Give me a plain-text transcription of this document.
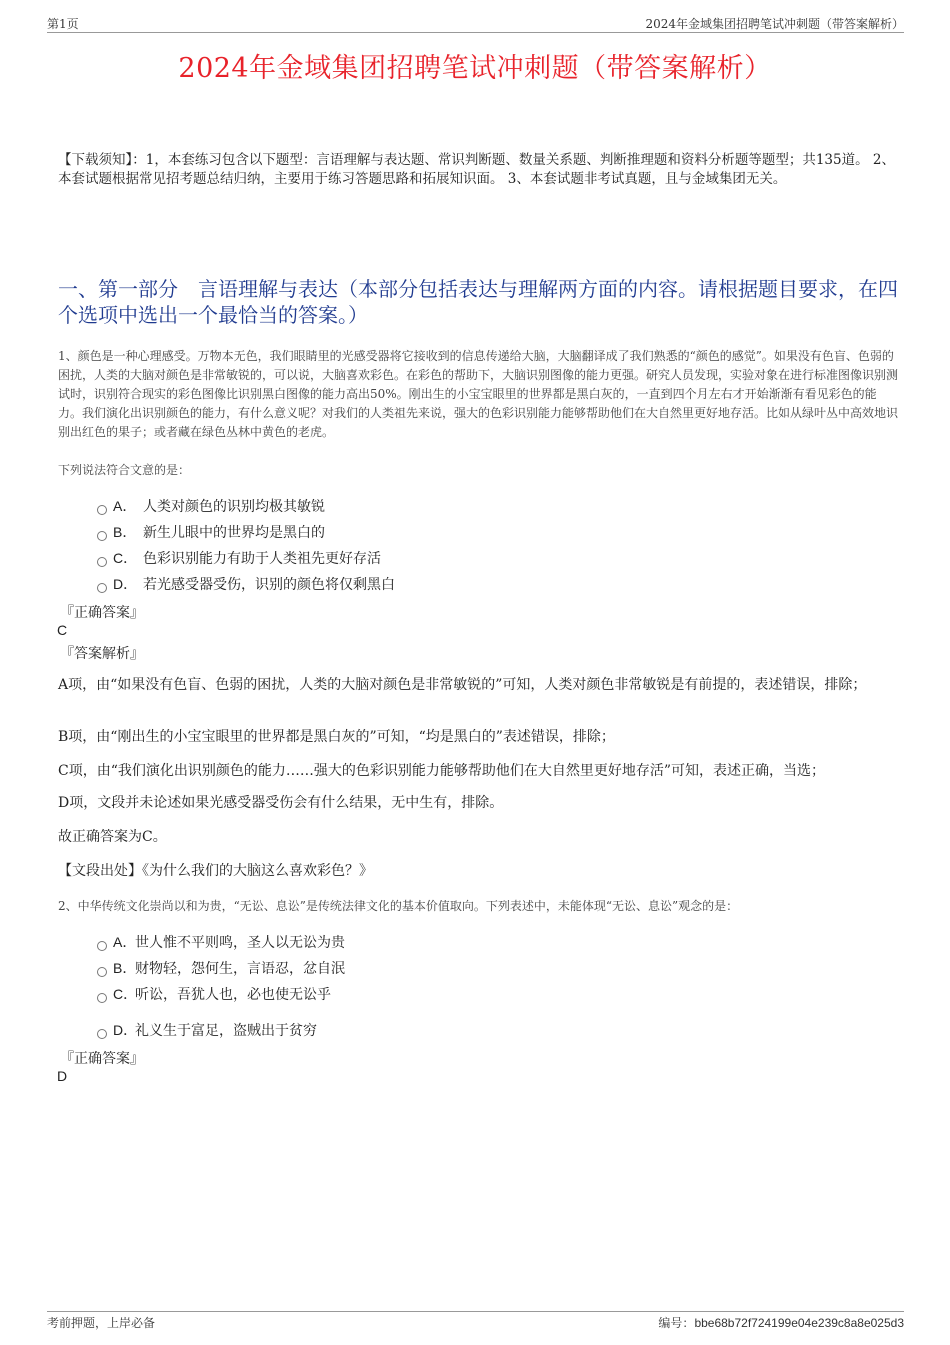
第1页	2024年金域集团招聘笔试冲刺题（带答案解析）
2024年金域集团招聘笔试冲刺题（带答案解析）
【下载须知】：1，本套练习包含以下题型：言语理解与表达题、常识判断题、数量关系题、判断推理题和资料分析题等题型；共135道。 2、本套试题根据常见招考题总结归纳，主要用于练习答题思路和拓展知识面。 3、本套试题非考试真题，且与金域集团无关。
一、第一部分　言语理解与表达（本部分包括表达与理解两方面的内容。请根据题目要求，在四个选项中选出一个最恰当的答案。）
1、颜色是一种心理感受。万物本无色，我们眼睛里的光感受器将它接收到的信息传递给大脑，大脑翻译成了我们熟悉的“颜色的感觉”。如果没有色盲、色弱的困扰，人类的大脑对颜色是非常敏锐的，可以说，大脑喜欢彩色。在彩色的帮助下，大脑识别图像的能力更强。研究人员发现，实验对象在进行标准图像识别测试时，识别符合现实的彩色图像比识别黑白图像的能力高出50%。刚出生的小宝宝眼里的世界都是黑白灰的，一直到四个月左右才开始渐渐有看见彩色的能力。我们演化出识别颜色的能力，有什么意义呢？对我们的人类祖先来说，强大的色彩识别能力能够帮助他们在大自然里更好地存活。比如从绿叶丛中高效地识别出红色的果子；或者藏在绿色丛林中黄色的老虎。
下列说法符合文意的是：
A． 人类对颜色的识别均极其敏锐
B． 新生儿眼中的世界均是黑白的
C． 色彩识别能力有助于人类祖先更好存活
D． 若光感受器受伤，识别的颜色将仅剩黑白
『正确答案』
C
『答案解析』
A项，由“如果没有色盲、色弱的困扰，人类的大脑对颜色是非常敏锐的”可知，人类对颜色非常敏锐是有前提的，表述错误，排除；
B项，由“刚出生的小宝宝眼里的世界都是黑白灰的”可知，“均是黑白的”表述错误，排除；
C项，由“我们演化出识别颜色的能力……强大的色彩识别能力能够帮助他们在大自然里更好地存活”可知，表述正确，当选；
D项，文段并未论述如果光感受器受伤会有什么结果，无中生有，排除。
故正确答案为C。
【文段出处】《为什么我们的大脑这么喜欢彩色？》
2、中华传统文化崇尚以和为贵，“无讼、息讼”是传统法律文化的基本价值取向。下列表述中，未能体现“无讼、息讼”观念的是：
A．世人惟不平则鸣，圣人以无讼为贵
B．财物轻，怨何生，言语忍，忿自泯
C．听讼，吾犹人也，必也使无讼乎
D．礼义生于富足，盗贼出于贫穷
『正确答案』
D
考前押题，上岸必备	编号：bbe68b72f724199e04e239c8a8e025d3
